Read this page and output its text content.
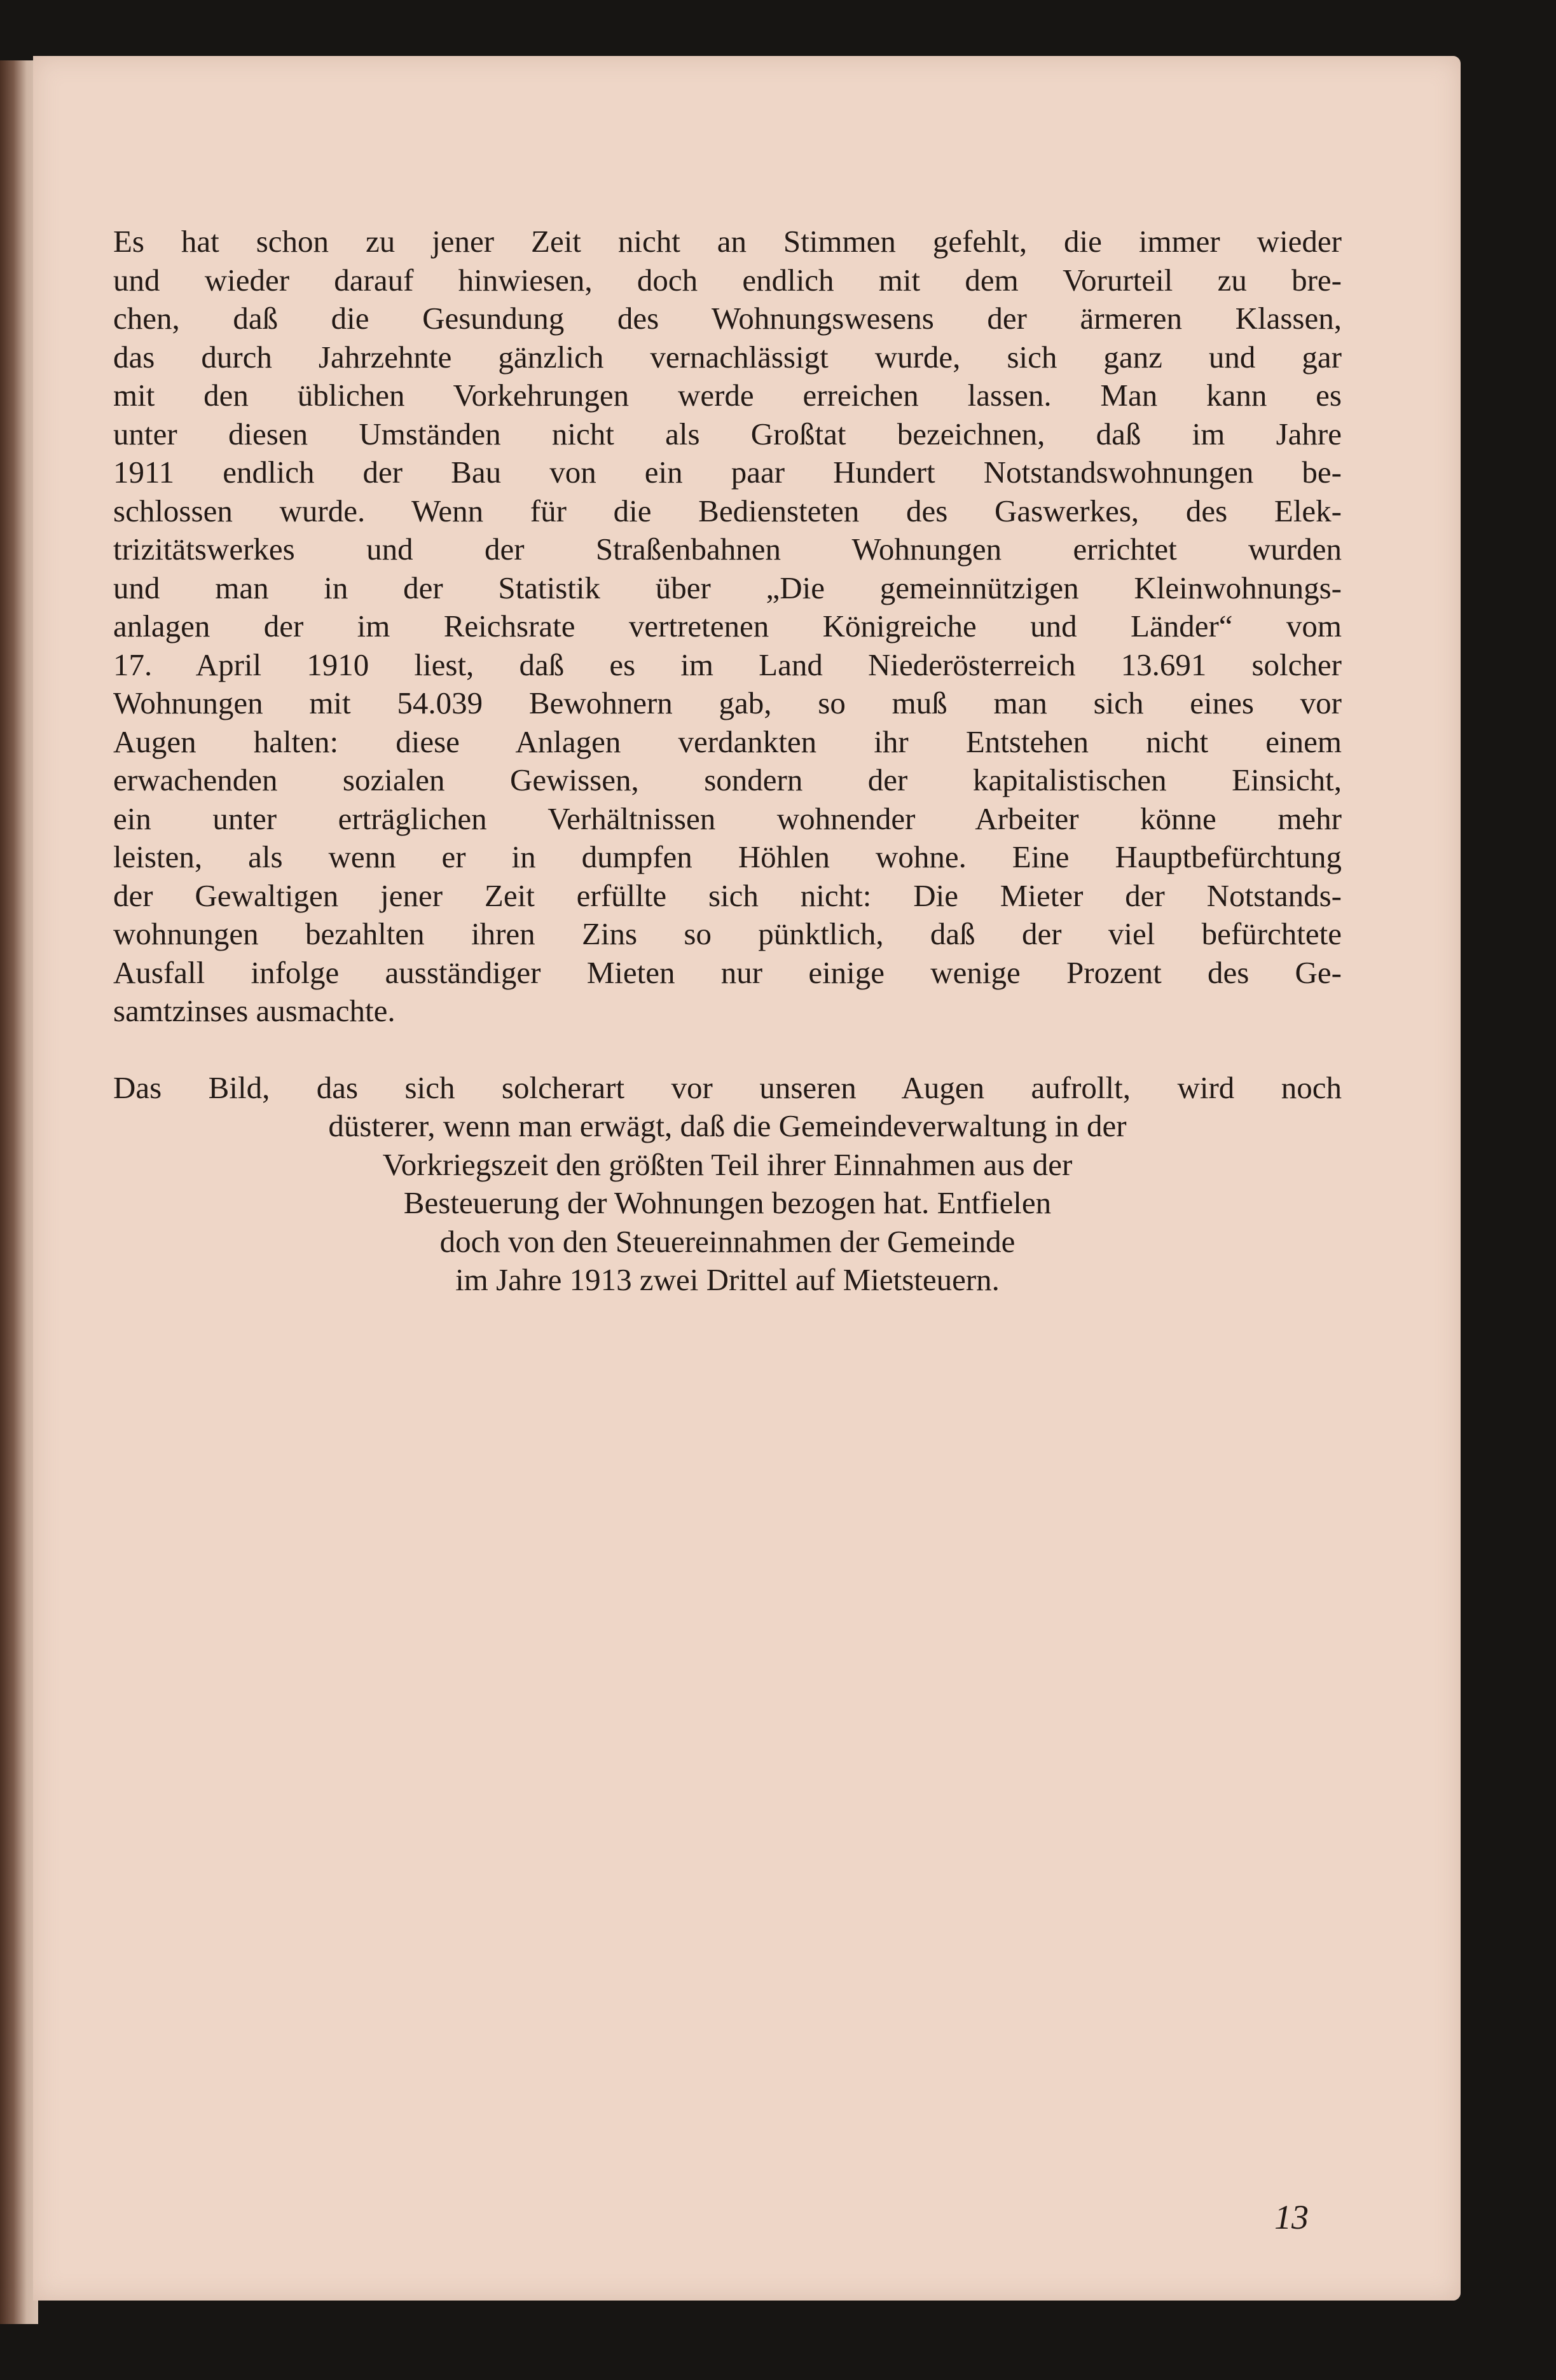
Es hat schon zu jener Zeit nicht an Stimmen gefehlt, die immer wieder
und wieder darauf hinwiesen, doch endlich mit dem Vorurteil zu bre-
chen, daß die Gesundung des Wohnungswesens der ärmeren Klassen,
das durch Jahrzehnte gänzlich vernachlässigt wurde, sich ganz und gar
mit den üblichen Vorkehrungen werde erreichen lassen. Man kann es
unter diesen Umständen nicht als Großtat bezeichnen, daß im Jahre
1911 endlich der Bau von ein paar Hundert Notstandswohnungen be-
schlossen wurde. Wenn für die Bediensteten des Gaswerkes, des Elek-
trizitätswerkes und der Straßenbahnen Wohnungen errichtet wurden
und man in der Statistik über „Die gemeinnützigen Kleinwohnungs-
anlagen der im Reichsrate vertretenen Königreiche und Länder“ vom
17. April 1910 liest, daß es im Land Niederösterreich 13.691 solcher
Wohnungen mit 54.039 Bewohnern gab, so muß man sich eines vor
Augen halten: diese Anlagen verdankten ihr Entstehen nicht einem
erwachenden sozialen Gewissen, sondern der kapitalistischen Einsicht,
ein unter erträglichen Verhältnissen wohnender Arbeiter könne mehr
leisten, als wenn er in dumpfen Höhlen wohne. Eine Hauptbefürchtung
der Gewaltigen jener Zeit erfüllte sich nicht: Die Mieter der Notstands-
wohnungen bezahlten ihren Zins so pünktlich, daß der viel befürchtete
Ausfall infolge ausständiger Mieten nur einige wenige Prozent des Ge-
samtzinses ausmachte.
Das Bild, das sich solcherart vor unseren Augen aufrollt, wird noch
düsterer, wenn man erwägt, daß die Gemeindeverwaltung in der
Vorkriegszeit den größten Teil ihrer Einnahmen aus der
Besteuerung der Wohnungen bezogen hat. Entfielen
doch von den Steuereinnahmen der Gemeinde
im Jahre 1913 zwei Drittel auf Mietsteuern.
13
